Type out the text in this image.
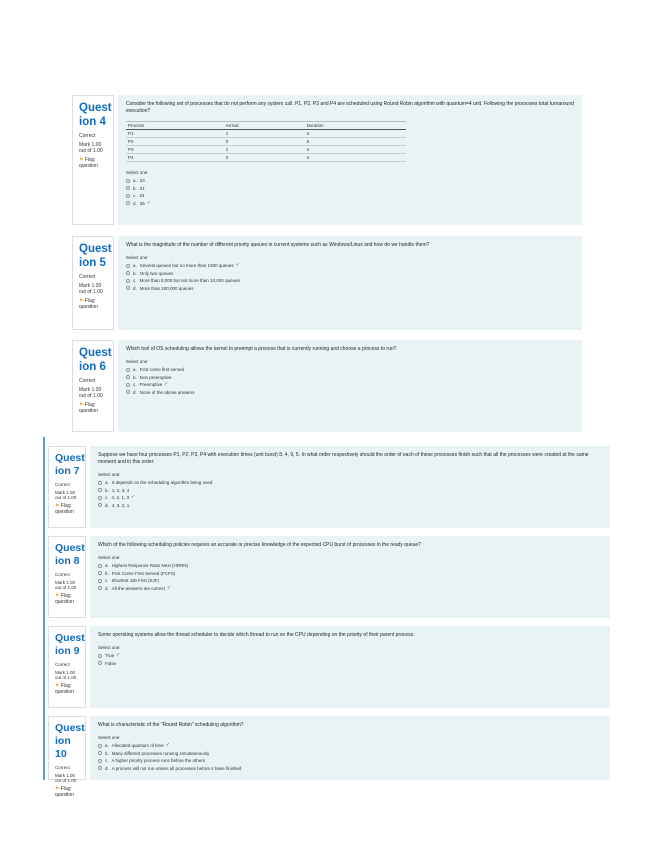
Quest ion 4
Correct
Mark 1.00 out of 1.00
⚑ Flag question
Consider the following set of processes that do not perform any system call. P1, P2, P3 and P4 are scheduled using Round Robin algorithm with quantum=4 unit. Following the processes total turnaround execution?
Process	Arrival	Duration
P1	1	4
P2	0	5
P3	1	4
P4	2	4
Select one:
a. 23
b. 21
c. 24
d. 25 ✓
Quest ion 5
Correct
Mark 1.00 out of 1.00
⚑ Flag question
What is the magnitude of the number of different priority queues in current systems such as Windows/Linux and how do we handle them?
Select one:
a. Several queues but no more than 1000 queues ✓
b. Only two queues
c. More than 5,000 but not more than 10,000 queues
d. More than 100,000 queues
Quest ion 6
Correct
Mark 1.00 out of 1.00
⚑ Flag question
Which tool of OS scheduling allows the kernel to preempt a process that is currently running and choose a process to run?
Select one:
a. First come first served
b. Non preemptive
c. Preemptive ✓
d. None of the above answers
Quest ion 7
Correct
Mark 1.00 out of 1.00
⚑ Flag question
Suppose we have four processes P1, P2, P3, P4 with execution times (unit burst) 8, 4, 9, 5. In what order respectively should the order of each of these processes finish such that all the processes were created at the same moment and in this order:
Select one:
a. It depends on the scheduling algorithm being used
b. 1, 2, 3, 4
c. 4, 2, 1, 3 ✓
d. 4, 3, 2, 1
Quest ion 8
Correct
Mark 1.00 out of 1.00
⚑ Flag question
Which of the following scheduling policies requires an accurate or precise knowledge of the expected CPU burst of processes in the ready queue?
Select one:
a. Highest Response Ratio Next (HRRN)
b. First Come First Served (FCFS)
c. Shortest Job First (SJF)
d. All the answers are correct ✓
Quest ion 9
Correct
Mark 1.00 out of 1.00
⚑ Flag question
Some operating systems allow the thread scheduler to decide which thread to run on the CPU depending on the priority of their parent process.
Select one:
True ✓
False
Quest ion 10
Correct
Mark 1.00 out of 1.00
⚑ Flag question
What is characteristic of the "Round Robin" scheduling algorithm?
Select one:
a. Allocated quantum of time ✓
b. Many different processes running simultaneously
c. A higher priority process runs before the others
d. A process will not run unless all processes before it have finished
